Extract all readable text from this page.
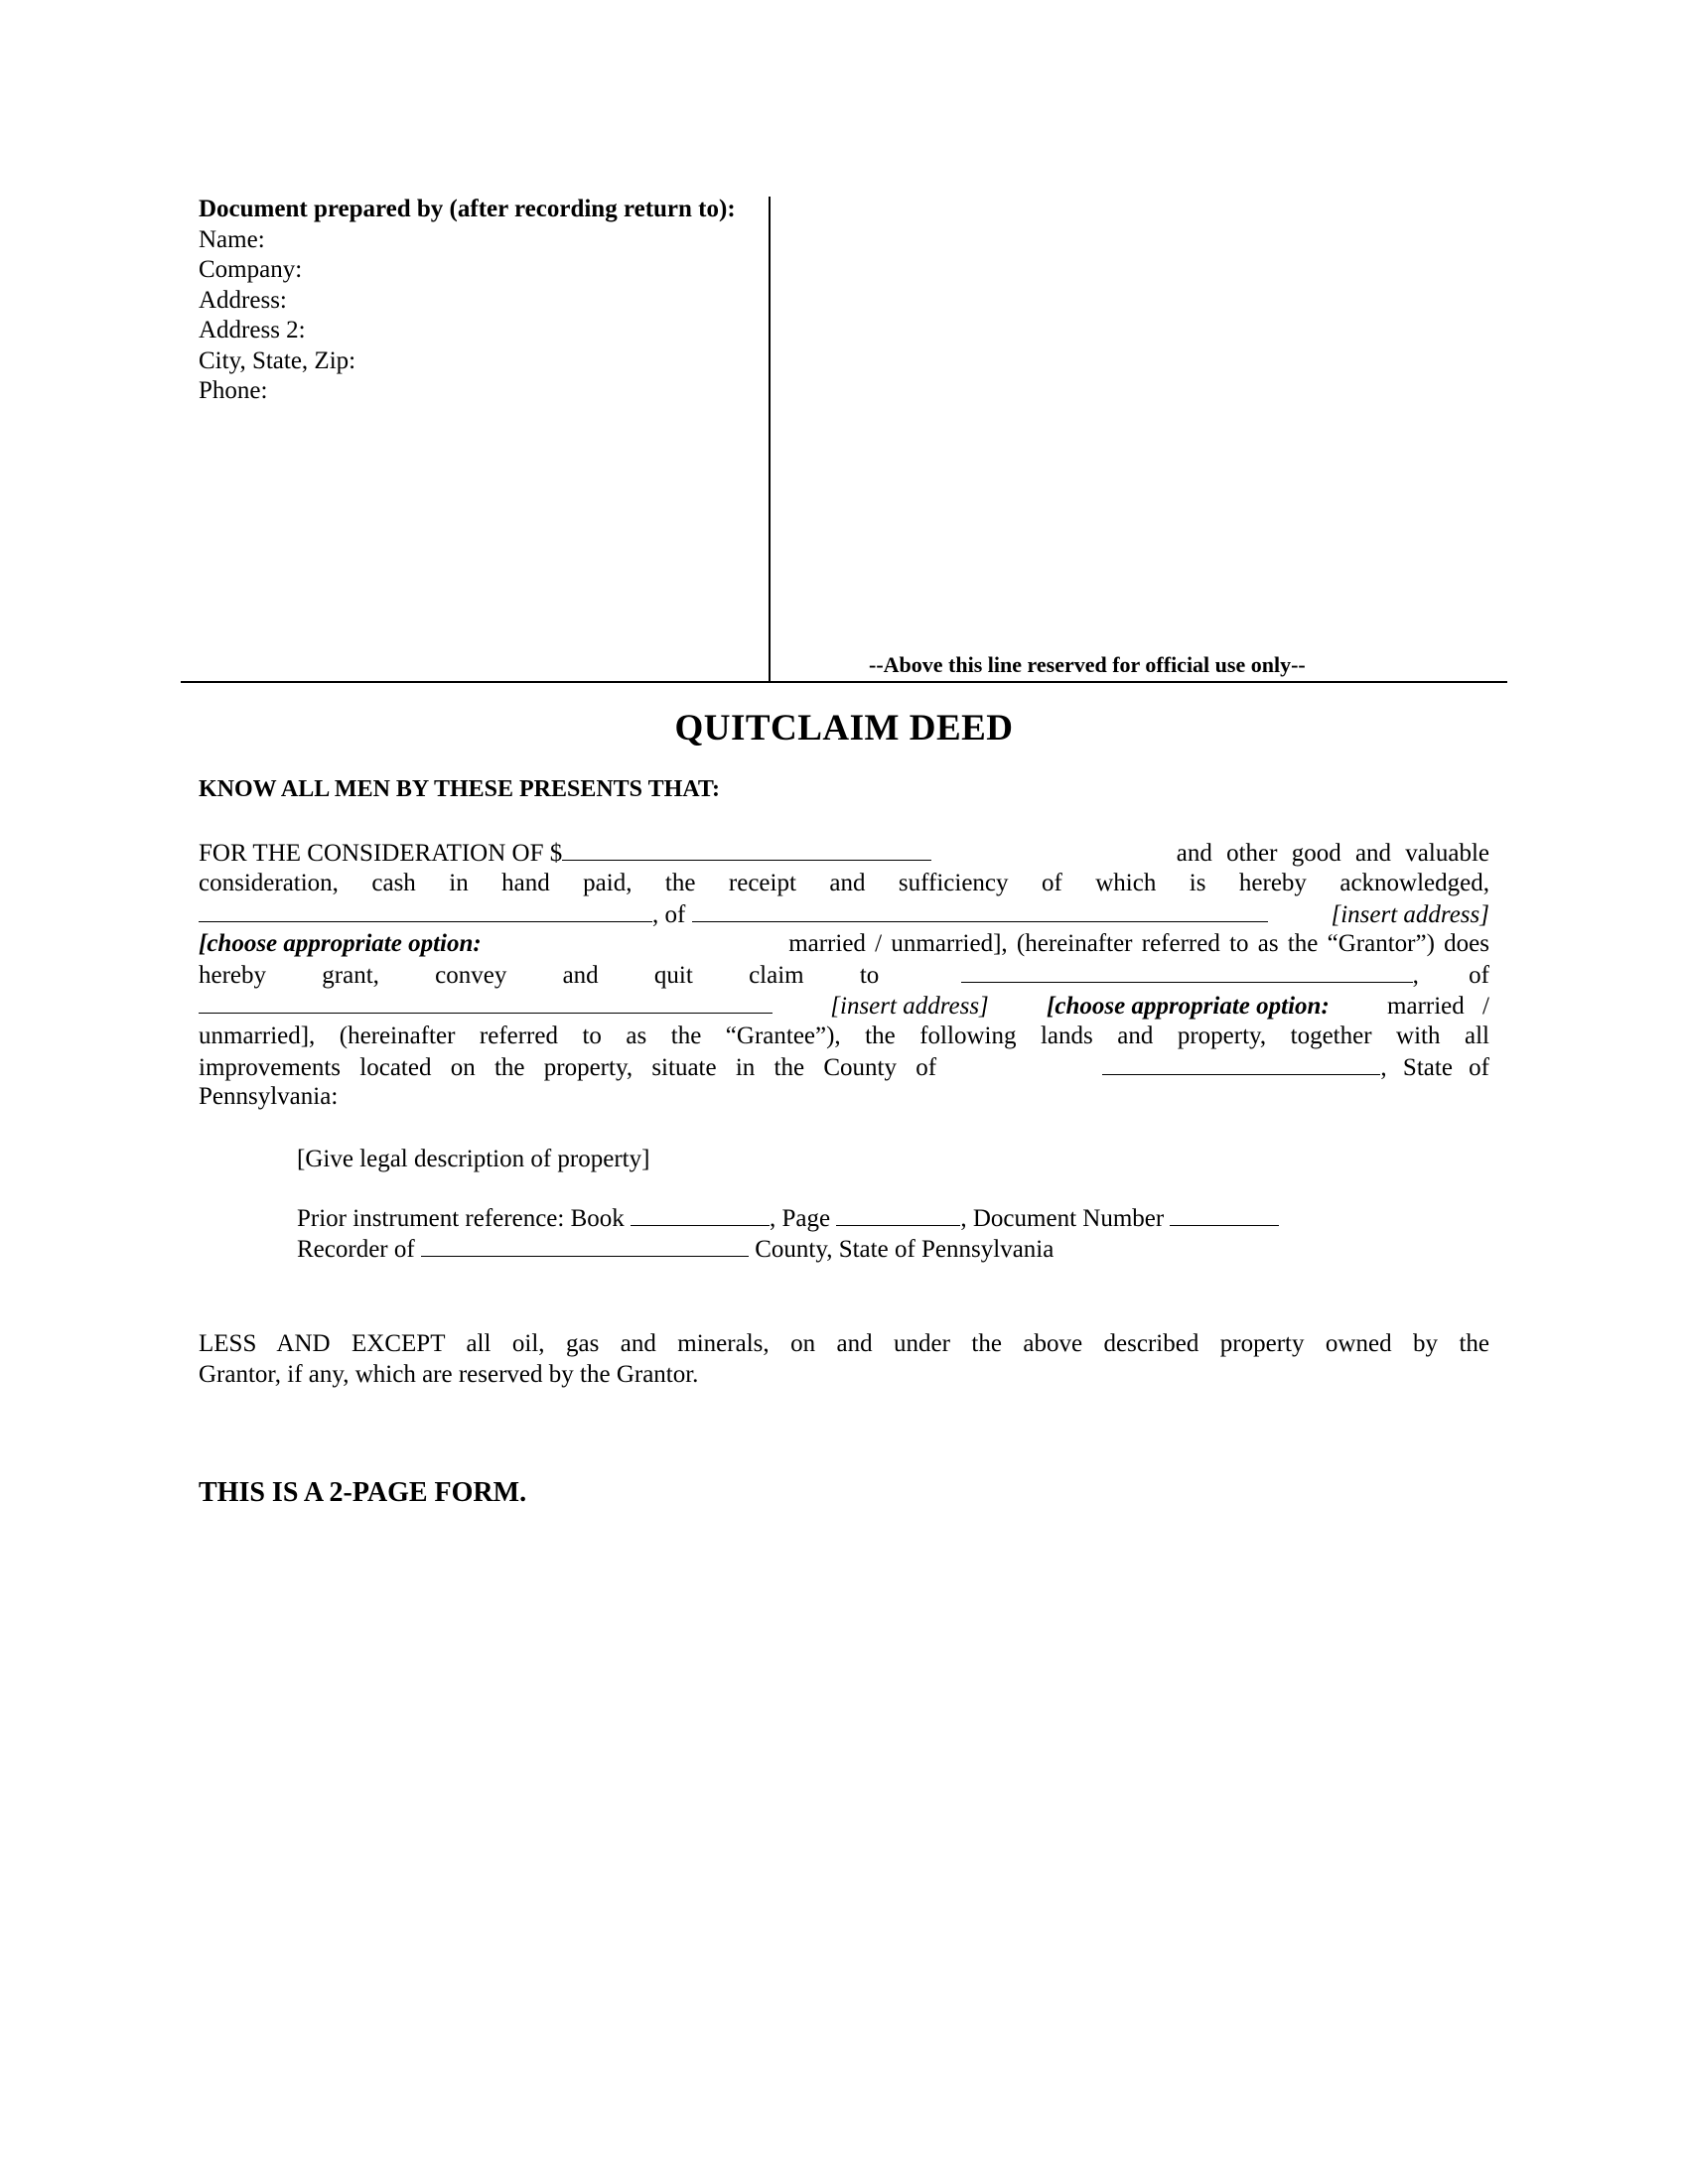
Document prepared by (after recording return to):
Name:
Company:
Address:
Address 2:
City, State, Zip:
Phone:
--Above this line reserved for official use only--
QUITCLAIM DEED
KNOW ALL MEN BY THESE PRESENTS THAT:
FOR THE CONSIDERATION OF $	and other good and valuable
consideration, cash in hand paid, the receipt and sufficiency of which is hereby acknowledged,
, of	[insert address]
[choose appropriate option:	married / unmarried], (hereinafter referred to as the “Grantor”) does
hereby grant, convey and quit claim to	, of
[insert address] [choose appropriate option: married /
unmarried], (hereinafter referred to as the “Grantee”), the following lands and property, together with all
improvements located on the property, situate in the County of	, State of
Pennsylvania:
[Give legal description of property]
Prior instrument reference: Book	, Page	, Document Number
Recorder of	County, State of Pennsylvania
LESS AND EXCEPT all oil, gas and minerals, on and under the above described property owned by the
Grantor, if any, which are reserved by the Grantor.
THIS IS A 2-PAGE FORM.
